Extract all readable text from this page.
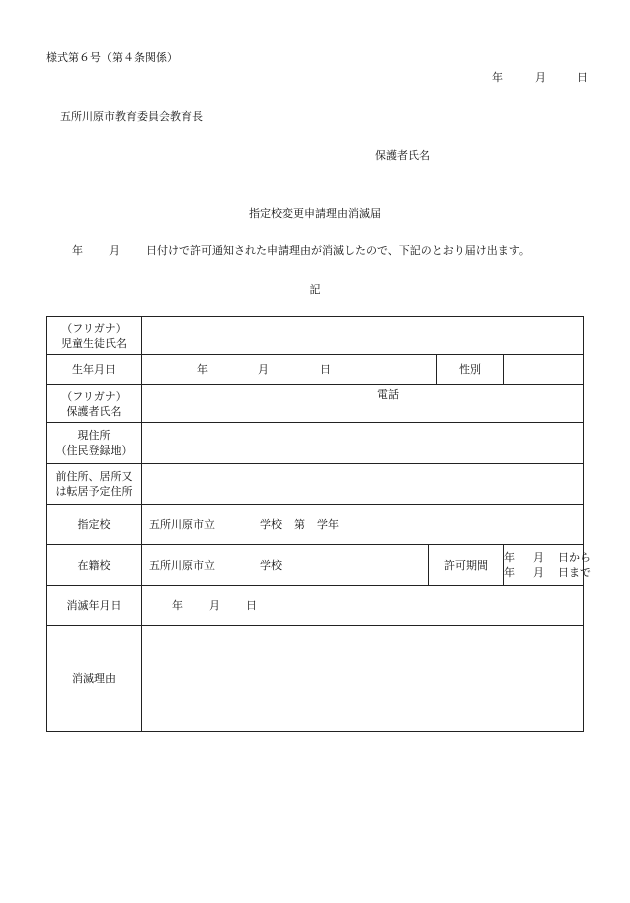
様式第６号（第４条関係）
年	月	日
五所川原市教育委員会教育長
保護者氏名
指定校変更申請理由消滅届
年 月 日付けで許可通知された申請理由が消滅したので、下記のとおり届け出ます。
記
（フリガナ）
児童生徒氏名				

生年月日	年 月 日		性別	

（フリガナ）
保護者氏名	電話			

現住所
（住民登録地）				

前住所、居所又
は転居予定住所				

指定校	五所川原市立 学校 第 学年			
在籍校	五所川原市立 学校	許可期間		年 月 日から
年 月 日まで

消滅年月日	年 月 日			
消滅理由				
